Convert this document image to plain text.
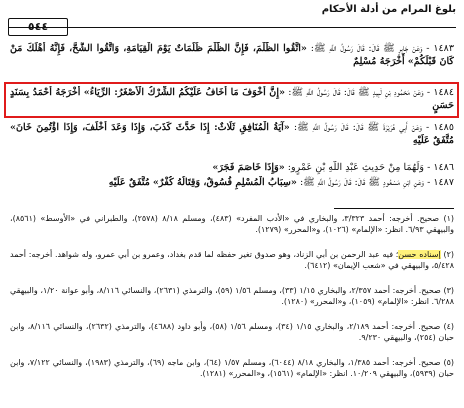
بلوغ المرام من أدلة الأحكام
٥٤٤
١٤٨٣ - وَعَنْ جَابِرٍ ﷺ قَالَ: قَالَ رَسُولُ اللَّهِ ﷺ: «اتَّقُوا الظُّلْمَ، فَإِنَّ الظُّلْمَ ظُلُمَاتٌ يَوْمَ الْقِيَامَةِ، وَاتَّقُوا الشُّحَّ، فَإِنَّهُ أَهْلَكَ مَنْ كَانَ قَبْلَكُمْ» أَخْرَجَهُ مُسْلِمٌ
١٤٨٤ - وَعَنْ مَحْمُودِ بْنِ لَبِيدٍ ﷺ قَالَ: قَالَ رَسُولُ اللَّهِ ﷺ: «إِنَّ أَخْوَفَ مَا أَخَافُ عَلَيْكُمُ الشِّرْكُ الْأَصْغَرُ: الرِّيَاءُ» أَخْرَجَهُ أَحْمَدُ بِسَنَدٍ حَسَنٍ
١٤٨٥ - وَعَنْ أَبِي هُرَيْرَةَ ﷺ قَالَ: قَالَ رَسُولُ اللَّهِ ﷺ: «آيَةُ الْمُنَافِقِ ثَلَاثٌ: إِذَا حَدَّثَ كَذَبَ، وَإِذَا وَعَدَ أَخْلَفَ، وَإِذَا اؤْتُمِنَ خَانَ» مُتَّفَقٌ عَلَيْهِ
١٤٨٦ - وَلَهُمَا مِنْ حَدِيثِ عَبْدِ اللَّهِ بْنِ عَمْرٍو: «وَإِذَا خَاصَمَ فَجَرَ»
١٤٨٧ - وَعَنِ ابْنِ مَسْعُودٍ ﷺ قَالَ: قَالَ رَسُولُ اللَّهِ ﷺ: «سِبَابُ الْمُسْلِمِ فُسُوقٌ، وَقِتَالُهُ كُفْرٌ» مُتَّفَقٌ عَلَيْهِ
(١) صحيح. أخرجه: أحمد ٣/٣٢٣، والبخاري في «الأدب المفرد» (٤٨٣)، ومسلم ٨/١٨ (٢٥٧٨)، والطبراني في «الأوسط» (٨٥٦١)، والبيهقي ٦/٩٣. انظر: «الإلمام» (١٠٢٦)، و«المحرر» (١٢٧٩).
(٢) إسناده حسن؛ فيه عبد الرحمن بن أبي الزناد، وهو صدوق تغير حفظه لما قدم بغداد، وعمرو بن أبي عمرو، وله شواهد. أخرجه: أحمد ٥/٤٢٨، والبيهقي في «شعب الإيمان» (٦٤١٢).
(٣) صحيح. أخرجه: أحمد ٢/٣٥٧، والبخاري ١/١٥ (٣٣)، ومسلم ١/٥٦ (٥٩)، والترمذي (٢٦٣١)، والنسائي ٨/١١٦، وأبو عوانة ١/٢٠، والبيهقي ٦/٢٨٨. انظر: «الإلمام» (١٠٥٩)، و«المحرر» (١٢٨٠).
(٤) صحيح. أخرجه: أحمد ٢/١٨٩، والبخاري ١/١٥ (٣٤)، ومسلم ١/٥٦ (٥٨)، وأبو داود (٤٦٨٨)، والترمذي (٢٦٣٢)، والنسائي ٨/١١٦، وابن حبان (٢٥٤)، والبيهقي ٩/٢٣٠.
(٥) صحيح. أخرجه: أحمد ١/٣٨٥، والبخاري ٨/١٨ (٦٠٤٤)، ومسلم ١/٥٧ (٦٤)، وابن ماجه (٦٩)، والترمذي (١٩٨٣)، والنسائي ٧/١٢٢، وابن حبان (٥٩٣٩)، والبيهقي ١٠/٢٠٩. انظر: «الإلمام» (١٥٦١)، و«المحرر» (١٢٨١).
